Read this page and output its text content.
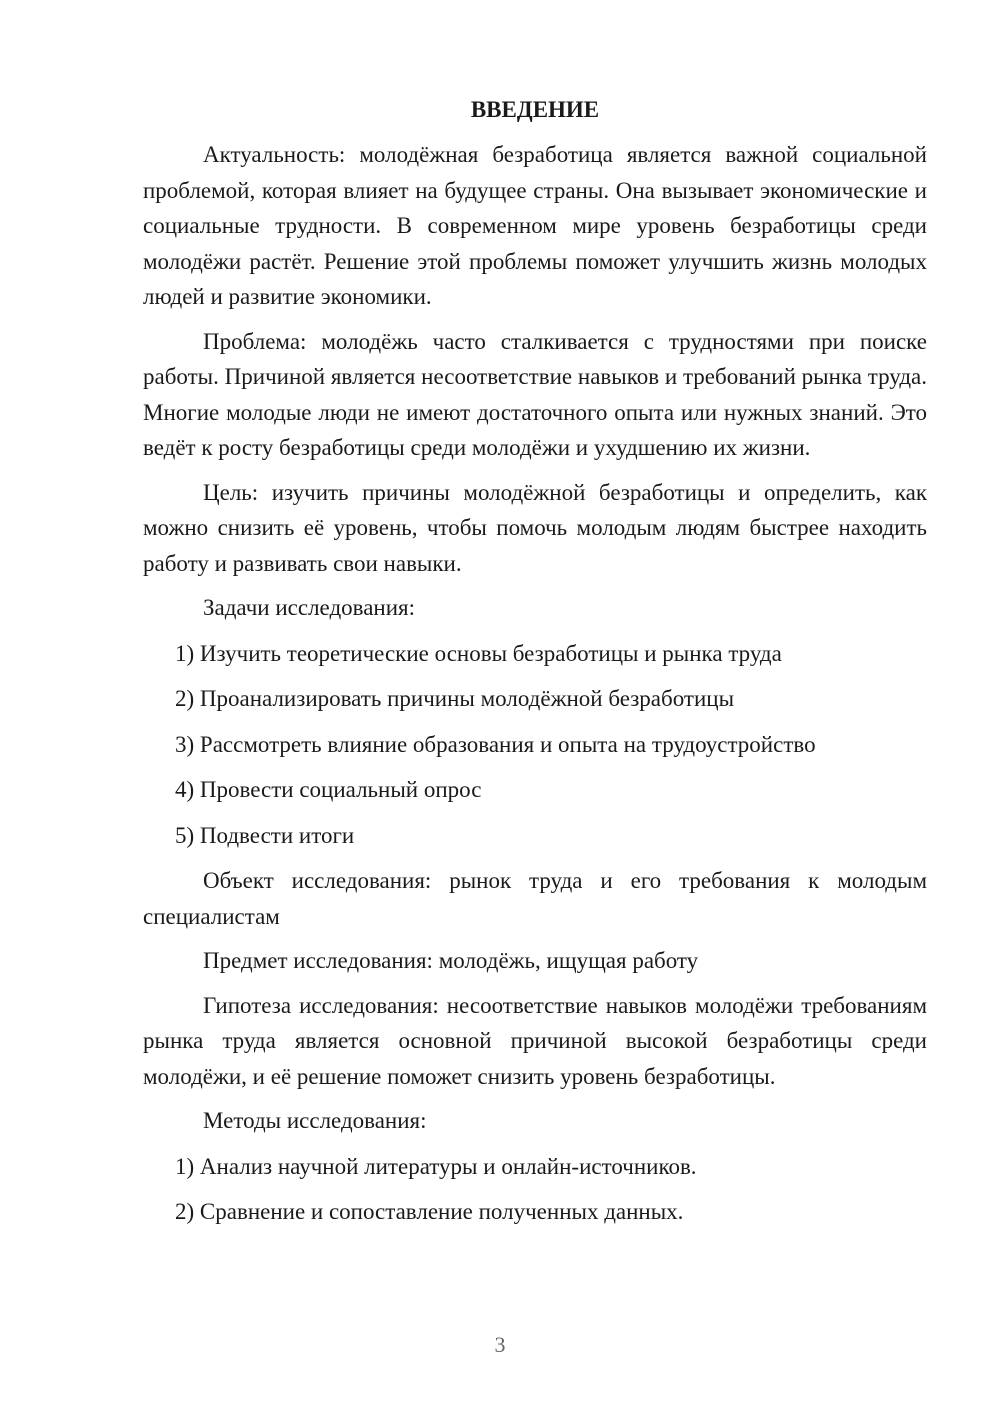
ВВЕДЕНИЕ

Актуальность: молодёжная безработица является важной социальной проблемой, которая влияет на будущее страны. Она вызывает экономические и социальные трудности. В современном мире уровень безработицы среди молодёжи растёт. Решение этой проблемы поможет улучшить жизнь молодых людей и развитие экономики.

Проблема: молодёжь часто сталкивается с трудностями при поиске работы. Причиной является несоответствие навыков и требований рынка труда. Многие молодые люди не имеют достаточного опыта или нужных знаний. Это ведёт к росту безработицы среди молодёжи и ухудшению их жизни.

Цель: изучить причины молодёжной безработицы и определить, как можно снизить её уровень, чтобы помочь молодым людям быстрее находить работу и развивать свои навыки.

Задачи исследования:

1) Изучить теоретические основы безработицы и рынка труда

2) Проанализировать причины молодёжной безработицы

3) Рассмотреть влияние образования и опыта на трудоустройство

4) Провести социальный опрос

5) Подвести итоги

Объект исследования: рынок труда и его требования к молодым специалистам

Предмет исследования: молодёжь, ищущая работу

Гипотеза исследования: несоответствие навыков молодёжи требованиям рынка труда является основной причиной высокой безработицы среди молодёжи, и её решение поможет снизить уровень безработицы.

Методы исследования:

1) Анализ научной литературы и онлайн-источников.

2) Сравнение и сопоставление полученных данных.

3
